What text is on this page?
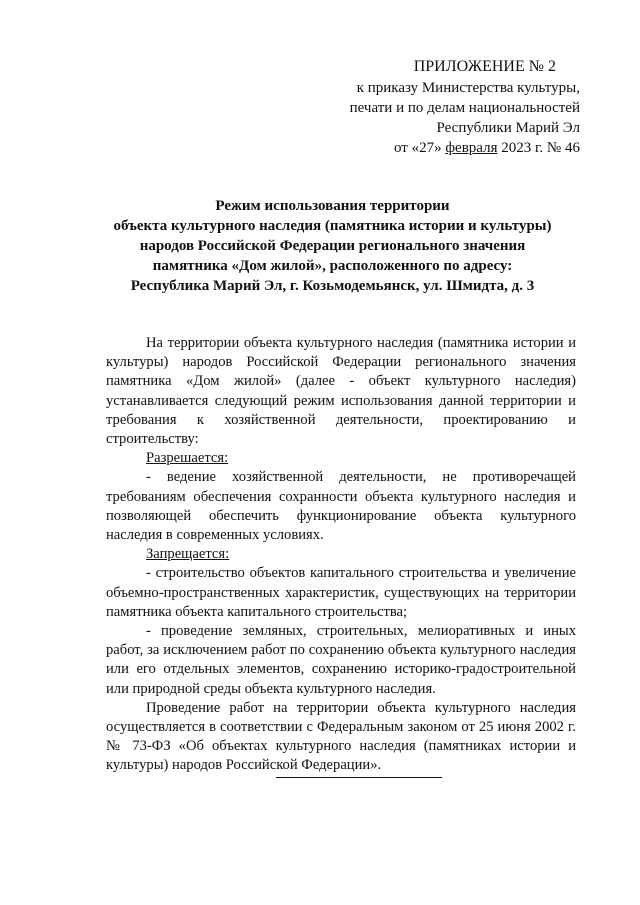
ПРИЛОЖЕНИЕ № 2
к приказу Министерства культуры,
печати и по делам национальностей
Республики Марий Эл
от «27» февраля 2023 г. № 46
Режим использования территории
объекта культурного наследия (памятника истории и культуры)
народов Российской Федерации регионального значения
памятника «Дом жилой», расположенного по адресу:
Республика Марий Эл, г. Козьмодемьянск, ул. Шмидта, д. 3

На территории объекта культурного наследия (памятника истории и культуры) народов Российской Федерации регионального значения памятника «Дом жилой» (далее - объект культурного наследия) устанавливается следующий режим использования данной территории и требования к хозяйственной деятельности, проектированию и строительству:

Разрешается:

- ведение хозяйственной деятельности, не противоречащей требованиям обеспечения сохранности объекта культурного наследия и позволяющей обеспечить функционирование объекта культурного наследия в современных условиях.

Запрещается:

- строительство объектов капитального строительства и увеличение объемно-пространственных характеристик, существующих на территории памятника объекта капитального строительства;

- проведение земляных, строительных, мелиоративных и иных работ, за исключением работ по сохранению объекта культурного наследия или его отдельных элементов, сохранению историко-градостроительной или природной среды объекта культурного наследия.

Проведение работ на территории объекта культурного наследия осуществляется в соответствии с Федеральным законом от 25 июня 2002 г. № 73-ФЗ «Об объектах культурного наследия (памятниках истории и культуры) народов Российской Федерации».
